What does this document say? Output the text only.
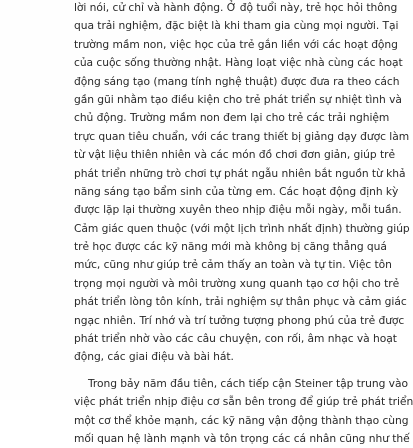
lời nói, cử chỉ và hành động. Ở độ tuổi này, trẻ học hỏi thông
qua trải nghiệm, đặc biệt là khi tham gia cùng mọi người. Tại
trường mầm non, việc học của trẻ gắn liền với các hoạt động
của cuộc sống thường nhật. Hàng loạt việc nhà cùng các hoạt
động sáng tạo (mang tính nghệ thuật) được đưa ra theo cách
gần gũi nhằm tạo điều kiện cho trẻ phát triển sự nhiệt tình và
chủ động. Trường mầm non đem lại cho trẻ các trải nghiệm
trực quan tiêu chuẩn, với các trang thiết bị giảng dạy được làm
từ vật liệu thiên nhiên và các món đồ chơi đơn giản, giúp trẻ
phát triển những trò chơi tự phát ngẫu nhiên bắt nguồn từ khả
năng sáng tạo bẩm sinh của từng em. Các hoạt động định kỳ
được lặp lại thường xuyên theo nhịp điệu mỗi ngày, mỗi tuần.
Cảm giác quen thuộc (với một lịch trình nhất định) thường giúp
trẻ học được các kỹ năng mới mà không bị căng thẳng quá
mức, cũng như giúp trẻ cảm thấy an toàn và tự tin. Việc tôn
trọng mọi người và môi trường xung quanh tạo cơ hội cho trẻ
phát triển lòng tôn kính, trải nghiệm sự thân phục và cảm giác
ngạc nhiên. Trí nhớ và trí tưởng tượng phong phú của trẻ được
phát triển nhờ vào các câu chuyện, con rối, âm nhạc và hoạt
động, các giai điệu và bài hát.
Trong bảy năm đầu tiên, cách tiếp cận Steiner tập trung vào
việc phát triển nhịp điệu cơ sẵn bên trong để giúp trẻ phát triển
một cơ thể khỏe mạnh, các kỹ năng vận động thành thạo cùng
mối quan hệ lành mạnh và tôn trọng các cá nhân cũng như thế
